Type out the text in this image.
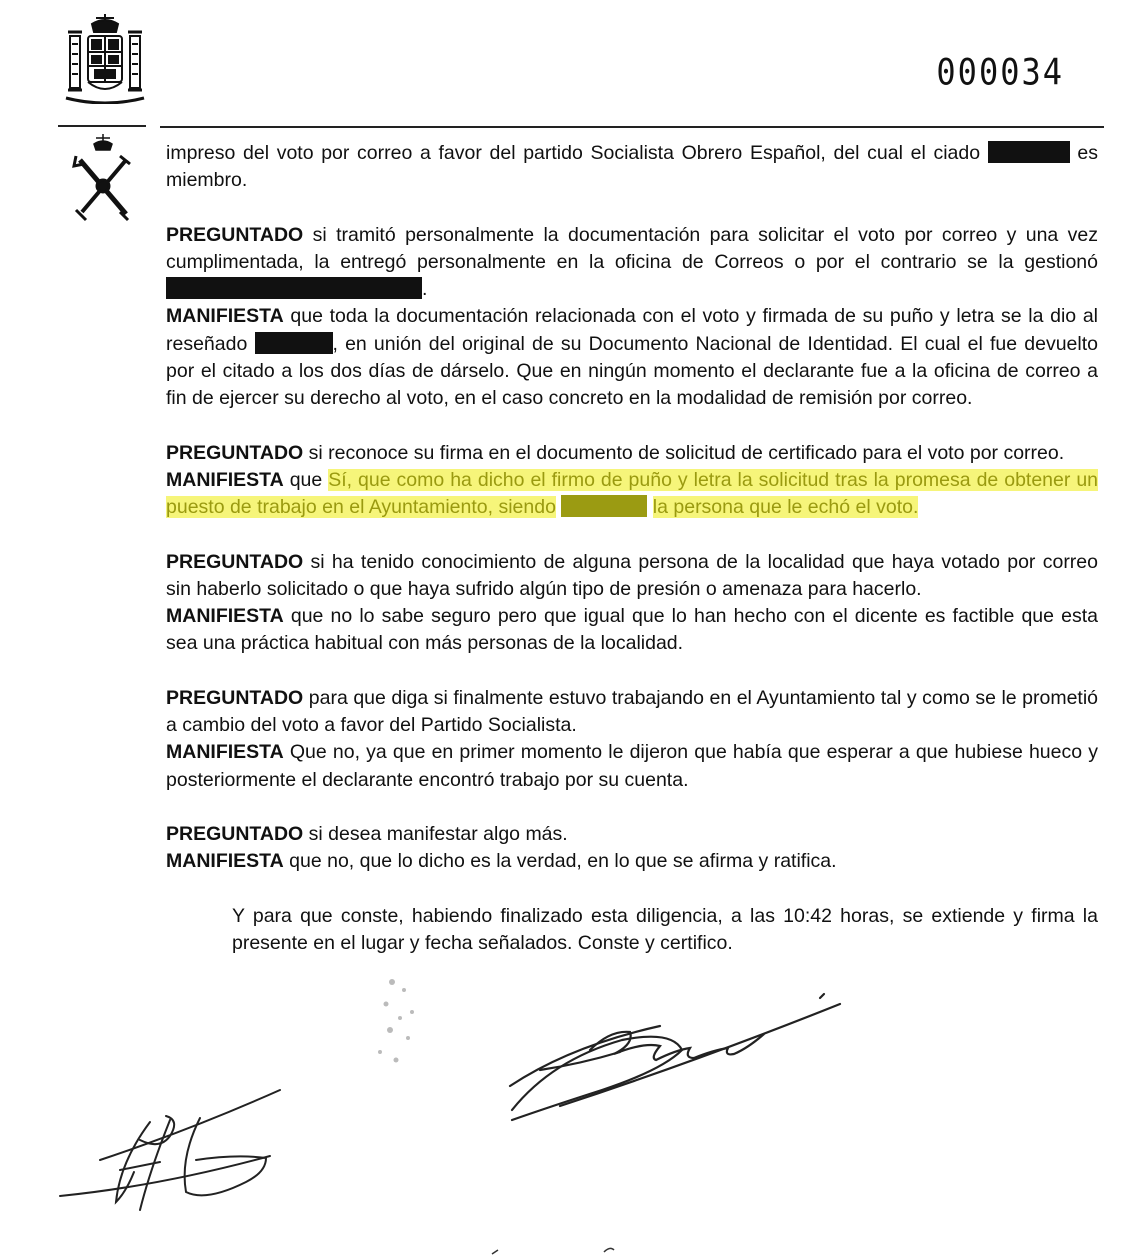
000034

impreso del voto por correo a favor del partido Socialista Obrero Español, del cual el ciado	es miembro.

PREGUNTADO si tramitó personalmente la documentación para solicitar el voto por correo y una vez cumplimentada, la entregó personalmente en la oficina de Correos o por el contrario se la gestionó .

MANIFIESTA que toda la documentación relacionada con el voto y firmada de su puño y letra se la dio al reseñado	, en unión del original de su Documento Nacional de Identidad. El cual el fue devuelto por el citado a los dos días de dárselo. Que en ningún momento el declarante fue a la oficina de correo a fin de ejercer su derecho al voto, en el caso concreto en la modalidad de remisión por correo.

PREGUNTADO si reconoce su firma en el documento de solicitud de certificado para el voto por correo.

MANIFIESTA que Sí, que como ha dicho el firmo de puño y letra la solicitud tras la promesa de obtener un puesto de trabajo en el Ayuntamiento, siendo	la persona que le echó el voto.

PREGUNTADO si ha tenido conocimiento de alguna persona de la localidad que haya votado por correo sin haberlo solicitado o que haya sufrido algún tipo de presión o amenaza para hacerlo.

MANIFIESTA que no lo sabe seguro pero que igual que lo han hecho con el dicente es factible que esta sea una práctica habitual con más personas de la localidad.

PREGUNTADO para que diga si finalmente estuvo trabajando en el Ayuntamiento tal y como se le prometió a cambio del voto a favor del Partido Socialista.

MANIFIESTA Que no, ya que en primer momento le dijeron que había que esperar a que hubiese hueco y posteriormente el declarante encontró trabajo por su cuenta.

PREGUNTADO si desea manifestar algo más.

MANIFIESTA que no, que lo dicho es la verdad, en lo que se afirma y ratifica.

Y para que conste, habiendo finalizado esta diligencia, a las 10:42 horas, se extiende y firma la presente en el lugar y fecha señalados. Conste y certifico.
